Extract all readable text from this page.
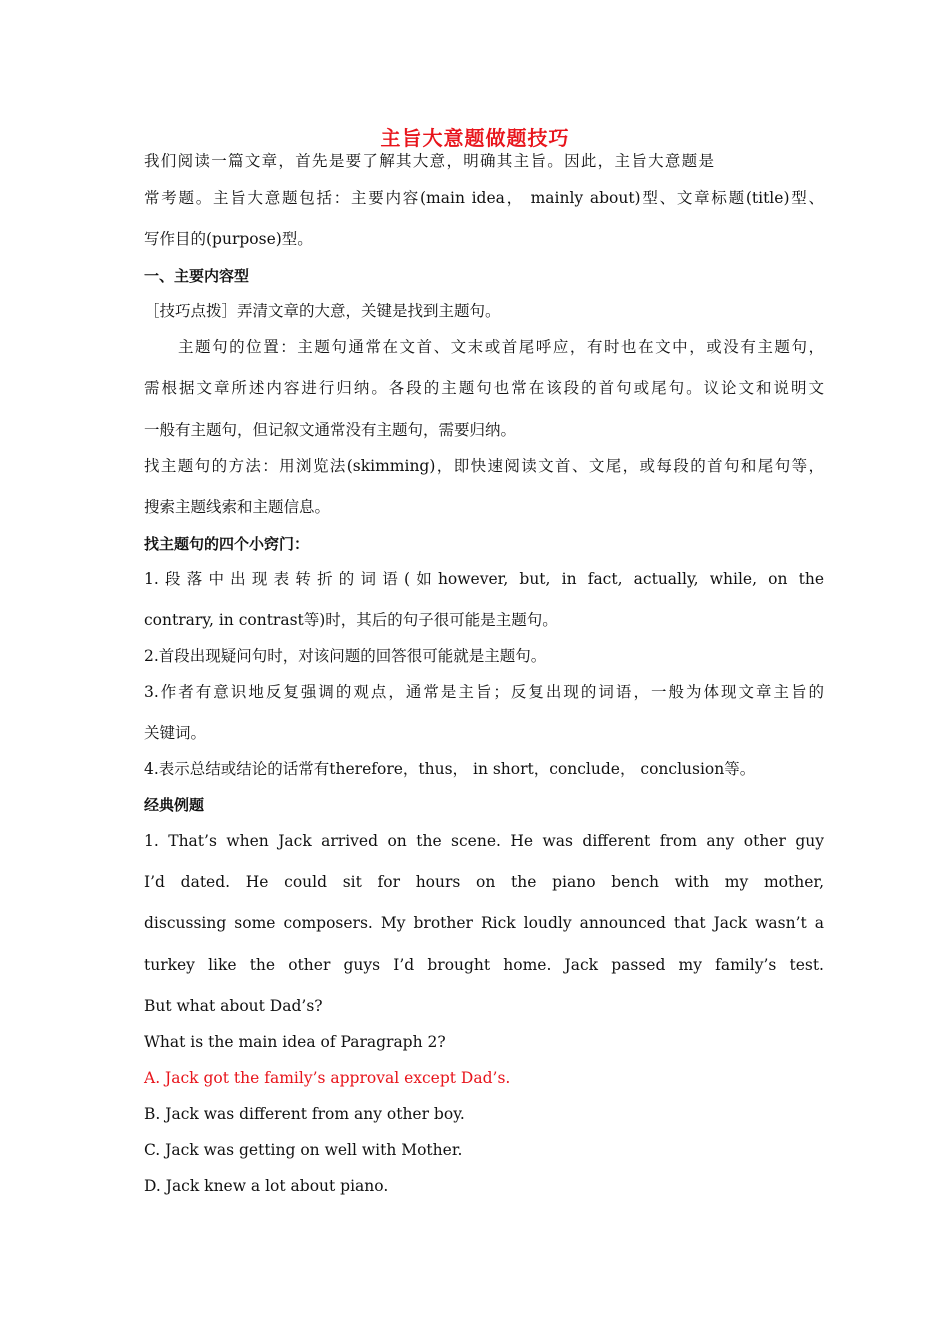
主旨大意题做题技巧
我们阅读一篇文章，首先是要了解其大意，明确其主旨。因此，主旨大意题是
常考题。主旨大意题包括：主要内容(main idea， mainly about)型、文章标题(title)型、
写作目的(purpose)型。
一、主要内容型
［技巧点拨］弄清文章的大意，关键是找到主题句。
主题句的位置：主题句通常在文首、文末或首尾呼应，有时也在文中，或没有主题句，
需根据文章所述内容进行归纳。各段的主题句也常在该段的首句或尾句。议论文和说明文
一般有主题句，但记叙文通常没有主题句，需要归纳。
找主题句的方法：用浏览法(skimming)，即快速阅读文首、文尾，或每段的首句和尾句等，
搜索主题线索和主题信息。
找主题句的四个小窍门：
1.段落中出现表转折的词语(如however, but, in fact, actually, while, on the
contrary, in contrast等)时，其后的句子很可能是主题句。
2.首段出现疑问句时，对该问题的回答很可能就是主题句。
3.作者有意识地反复强调的观点，通常是主旨；反复出现的词语，一般为体现文章主旨的
关键词。
4.表示总结或结论的话常有therefore，thus， in short，conclude， conclusion等。
经典例题
1. That’s when Jack arrived on the scene. He was different from any other guy
I’d dated. He could sit for hours on the piano bench with my mother,
discussing some composers. My brother Rick loudly announced that Jack wasn’t a
turkey like the other guys I’d brought home. Jack passed my family’s test.
But what about Dad’s?
What is the main idea of Paragraph 2?
A. Jack got the family’s approval except Dad’s.
B. Jack was different from any other boy.
C. Jack was getting on well with Mother.
D. Jack knew a lot about piano.
